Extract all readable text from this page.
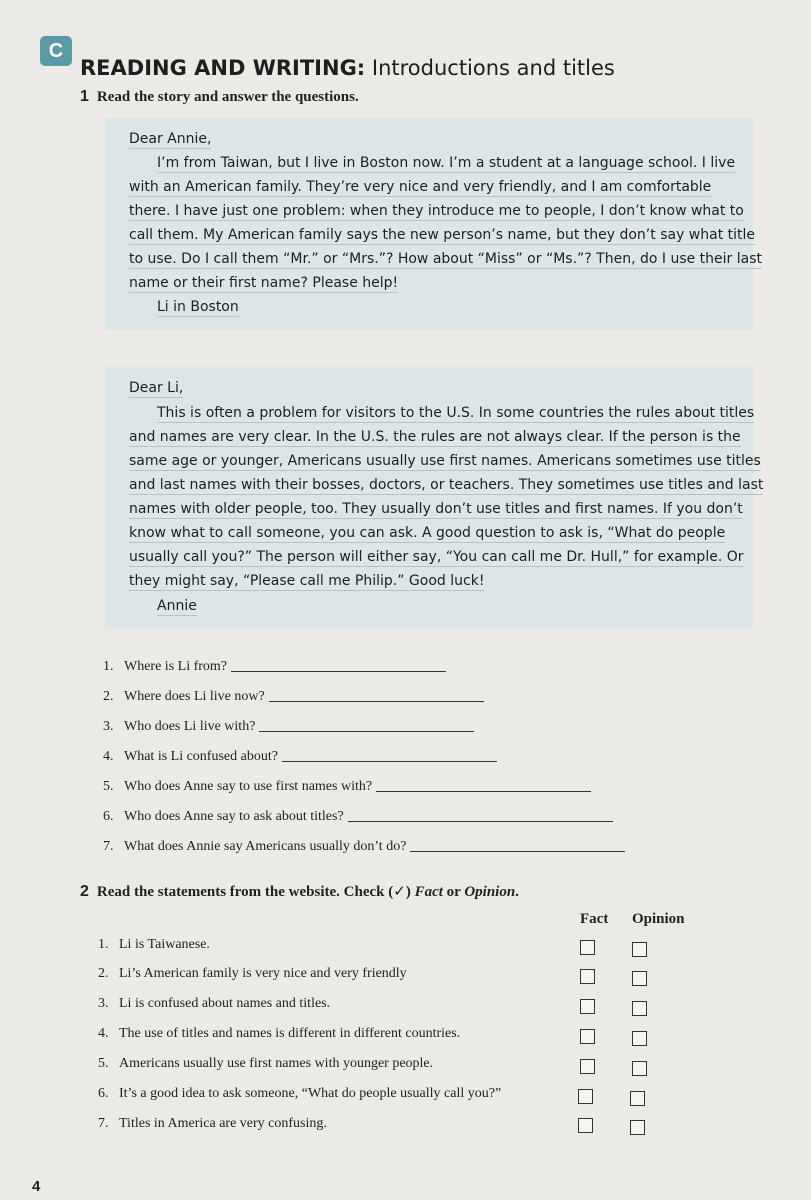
C
READING AND WRITING: Introductions and titles
1 Read the story and answer the questions.
Dear Annie,
I’m from Taiwan, but I live in Boston now. I’m a student at a language school. I live
with an American family. They’re very nice and very friendly, and I am comfortable
there. I have just one problem: when they introduce me to people, I don’t know what to
call them. My American family says the new person’s name, but they don’t say what title
to use. Do I call them “Mr.” or “Mrs.”? How about “Miss” or “Ms.”? Then, do I use their last
name or their first name? Please help!
Li in Boston
Dear Li,
This is often a problem for visitors to the U.S. In some countries the rules about titles
and names are very clear. In the U.S. the rules are not always clear. If the person is the
same age or younger, Americans usually use first names. Americans sometimes use titles
and last names with their bosses, doctors, or teachers. They sometimes use titles and last
names with older people, too. They usually don’t use titles and first names. If you don’t
know what to call someone, you can ask. A good question to ask is, “What do people
usually call you?” The person will either say, “You can call me Dr. Hull,” for example. Or
they might say, “Please call me Philip.” Good luck!
Annie
1. Where is Li from?
2. Where does Li live now?
3. Who does Li live with?
4. What is Li confused about?
5. Who does Anne say to use first names with?
6. Who does Anne say to ask about titles?
7. What does Annie say Americans usually don’t do?
2 Read the statements from the website. Check (✓) Fact or Opinion.
Fact Opinion
1. Li is Taiwanese.
2. Li’s American family is very nice and very friendly
3. Li is confused about names and titles.
4. The use of titles and names is different in different countries.
5. Americans usually use first names with younger people.
6. It’s a good idea to ask someone, “What do people usually call you?”
7. Titles in America are very confusing.
4
